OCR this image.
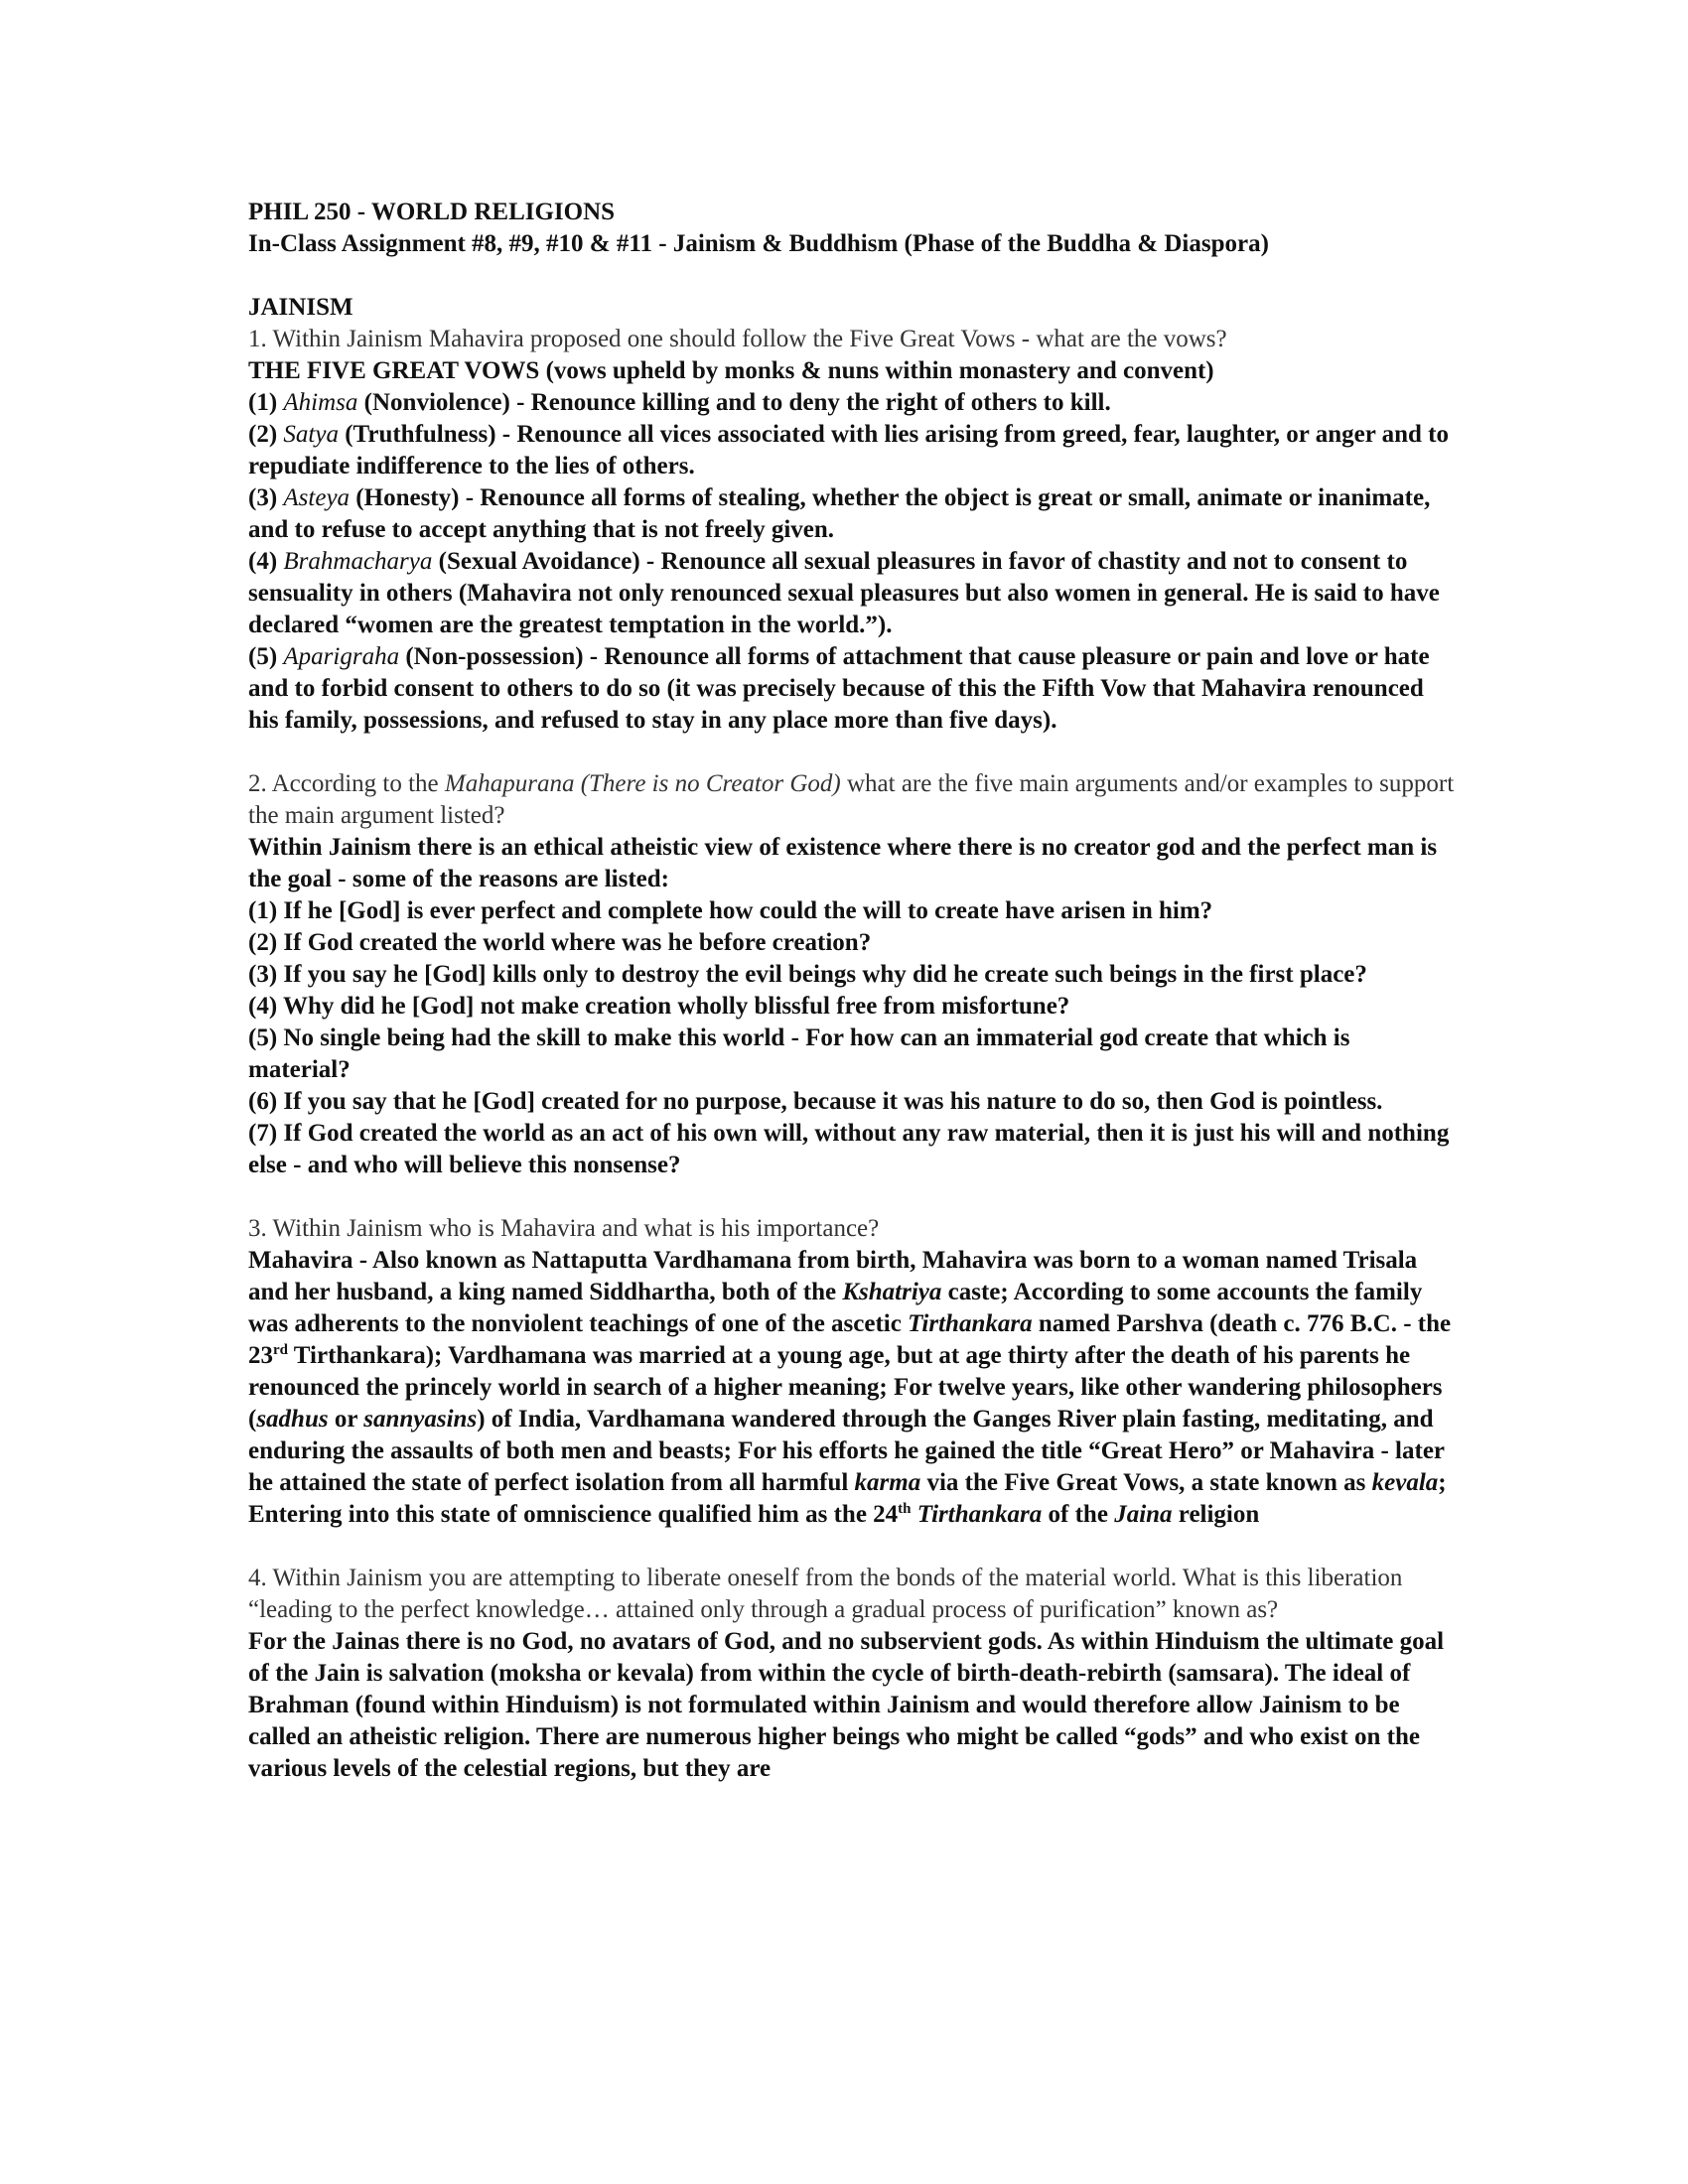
PHIL 250 - WORLD RELIGIONS

In-Class Assignment #8, #9, #10 & #11 - Jainism & Buddhism (Phase of the Buddha & Diaspora)

JAINISM

1. Within Jainism Mahavira proposed one should follow the Five Great Vows - what are the vows?

THE FIVE GREAT VOWS (vows upheld by monks & nuns within monastery and convent)

(1) Ahimsa (Nonviolence) - Renounce killing and to deny the right of others to kill.

(2) Satya (Truthfulness) - Renounce all vices associated with lies arising from greed, fear, laughter, or anger and to repudiate indifference to the lies of others.

(3) Asteya (Honesty) - Renounce all forms of stealing, whether the object is great or small, animate or inanimate, and to refuse to accept anything that is not freely given.

(4) Brahmacharya (Sexual Avoidance) - Renounce all sexual pleasures in favor of chastity and not to consent to sensuality in others (Mahavira not only renounced sexual pleasures but also women in general. He is said to have declared “women are the greatest temptation in the world.”).

(5) Aparigraha (Non-possession) - Renounce all forms of attachment that cause pleasure or pain and love or hate and to forbid consent to others to do so (it was precisely because of this the Fifth Vow that Mahavira renounced his family, possessions, and refused to stay in any place more than five days).

2. According to the Mahapurana (There is no Creator God) what are the five main arguments and/or examples to support the main argument listed?

Within Jainism there is an ethical atheistic view of existence where there is no creator god and the perfect man is the goal - some of the reasons are listed:

(1) If he [God] is ever perfect and complete how could the will to create have arisen in him?

(2) If God created the world where was he before creation?

(3) If you say he [God] kills only to destroy the evil beings why did he create such beings in the first place?

(4) Why did he [God] not make creation wholly blissful free from misfortune?

(5) No single being had the skill to make this world - For how can an immaterial god create that which is material?

(6) If you say that he [God] created for no purpose, because it was his nature to do so, then God is pointless.

(7) If God created the world as an act of his own will, without any raw material, then it is just his will and nothing else - and who will believe this nonsense?

3. Within Jainism who is Mahavira and what is his importance?

Mahavira - Also known as Nattaputta Vardhamana from birth, Mahavira was born to a woman named Trisala and her husband, a king named Siddhartha, both of the Kshatriya caste; According to some accounts the family was adherents to the nonviolent teachings of one of the ascetic Tirthankara named Parshva (death c. 776 B.C. - the 23rd Tirthankara); Vardhamana was married at a young age, but at age thirty after the death of his parents he renounced the princely world in search of a higher meaning; For twelve years, like other wandering philosophers (sadhus or sannyasins) of India, Vardhamana wandered through the Ganges River plain fasting, meditating, and enduring the assaults of both men and beasts; For his efforts he gained the title “Great Hero” or Mahavira - later he attained the state of perfect isolation from all harmful karma via the Five Great Vows, a state known as kevala; Entering into this state of omniscience qualified him as the 24th Tirthankara of the Jaina religion

4. Within Jainism you are attempting to liberate oneself from the bonds of the material world. What is this liberation “leading to the perfect knowledge… attained only through a gradual process of purification” known as?

For the Jainas there is no God, no avatars of God, and no subservient gods. As within Hinduism the ultimate goal of the Jain is salvation (moksha or kevala) from within the cycle of birth-death-rebirth (samsara). The ideal of Brahman (found within Hinduism) is not formulated within Jainism and would therefore allow Jainism to be called an atheistic religion. There are numerous higher beings who might be called “gods” and who exist on the various levels of the celestial regions, but they are
